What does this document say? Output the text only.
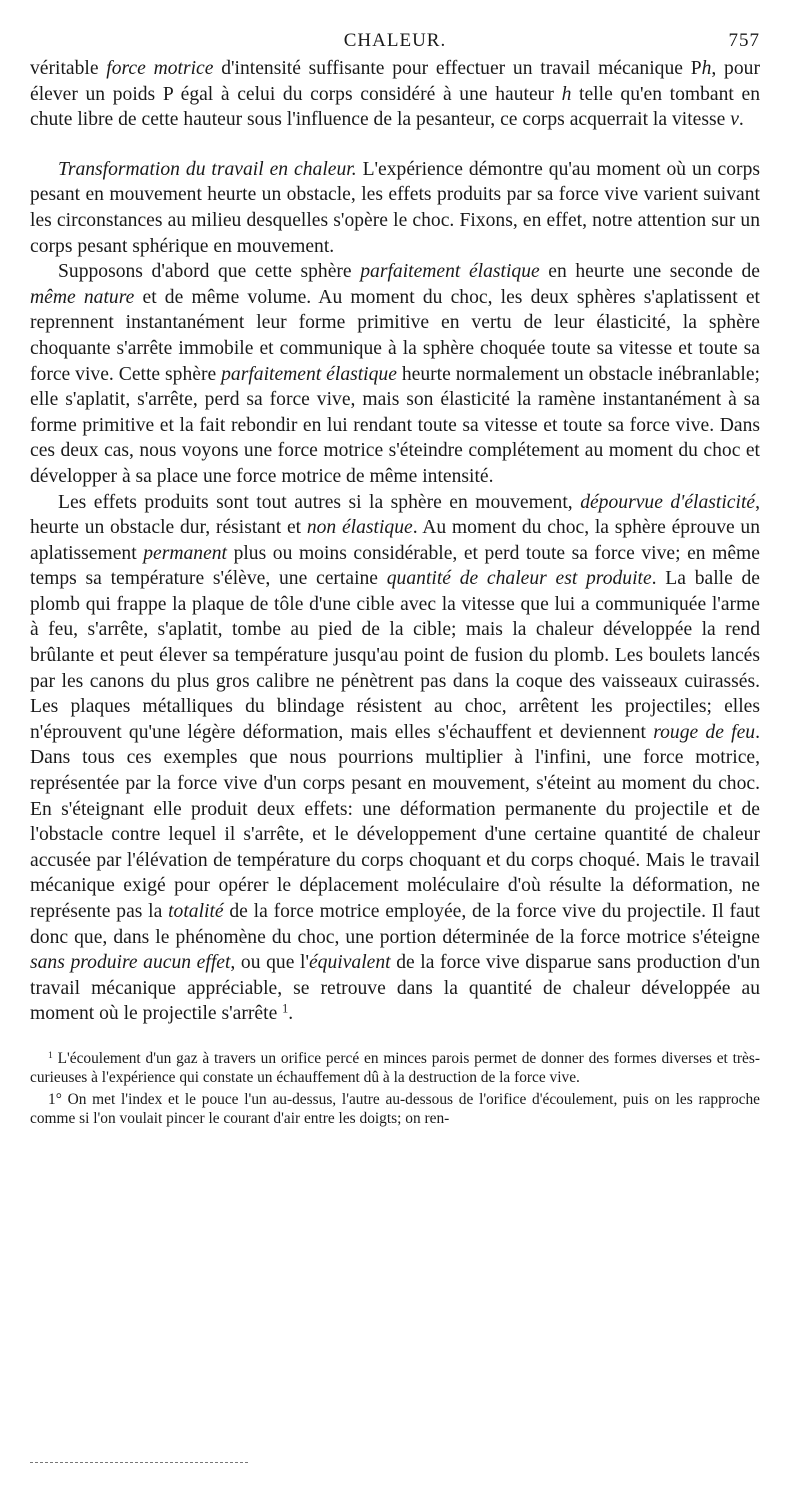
CHALEUR.	757

véritable force motrice d'intensité suffisante pour effectuer un travail mécanique Ph, pour élever un poids P égal à celui du corps considéré à une hauteur h telle qu'en tombant en chute libre de cette hauteur sous l'influence de la pesanteur, ce corps acquerrait la vitesse v.

Transformation du travail en chaleur. L'expérience démontre qu'au moment où un corps pesant en mouvement heurte un obstacle, les effets produits par sa force vive varient suivant les circonstances au milieu desquelles s'opère le choc. Fixons, en effet, notre attention sur un corps pesant sphérique en mouvement.

Supposons d'abord que cette sphère parfaitement élastique en heurte une seconde de même nature et de même volume. Au moment du choc, les deux sphères s'aplatissent et reprennent instantanément leur forme primitive en vertu de leur élasticité, la sphère choquante s'arrête immobile et communique à la sphère choquée toute sa vitesse et toute sa force vive. Cette sphère parfaitement élastique heurte normalement un obstacle inébranlable; elle s'aplatit, s'arrête, perd sa force vive, mais son élasticité la ramène instantanément à sa forme primitive et la fait rebondir en lui rendant toute sa vitesse et toute sa force vive. Dans ces deux cas, nous voyons une force motrice s'éteindre complétement au moment du choc et développer à sa place une force motrice de même intensité.

Les effets produits sont tout autres si la sphère en mouvement, dépourvue d'élasticité, heurte un obstacle dur, résistant et non élastique. Au moment du choc, la sphère éprouve un aplatissement permanent plus ou moins considérable, et perd toute sa force vive; en même temps sa température s'élève, une certaine quantité de chaleur est produite. La balle de plomb qui frappe la plaque de tôle d'une cible avec la vitesse que lui a communiquée l'arme à feu, s'arrête, s'aplatit, tombe au pied de la cible; mais la chaleur développée la rend brûlante et peut élever sa température jusqu'au point de fusion du plomb. Les boulets lancés par les canons du plus gros calibre ne pénètrent pas dans la coque des vaisseaux cuirassés. Les plaques métalliques du blindage résistent au choc, arrêtent les projectiles; elles n'éprouvent qu'une légère déformation, mais elles s'échauffent et deviennent rouge de feu. Dans tous ces exemples que nous pourrions multiplier à l'infini, une force motrice, représentée par la force vive d'un corps pesant en mouvement, s'éteint au moment du choc. En s'éteignant elle produit deux effets: une déformation permanente du projectile et de l'obstacle contre lequel il s'arrête, et le développement d'une certaine quantité de chaleur accusée par l'élévation de température du corps choquant et du corps choqué. Mais le travail mécanique exigé pour opérer le déplacement moléculaire d'où résulte la déformation, ne représente pas la totalité de la force motrice employée, de la force vive du projectile. Il faut donc que, dans le phénomène du choc, une portion déterminée de la force motrice s'éteigne sans produire aucun effet, ou que l'équivalent de la force vive disparue sans production d'un travail mécanique appréciable, se retrouve dans la quantité de chaleur développée au moment où le projectile s'arrête $^1$.

$^1$ L'écoulement d'un gaz à travers un orifice percé en minces parois permet de donner des formes diverses et très-curieuses à l'expérience qui constate un échauffement dû à la destruction de la force vive.

1° On met l'index et le pouce l'un au-dessus, l'autre au-dessous de l'orifice d'écoulement, puis on les rapproche comme si l'on voulait pincer le courant d'air entre les doigts; on ren-
